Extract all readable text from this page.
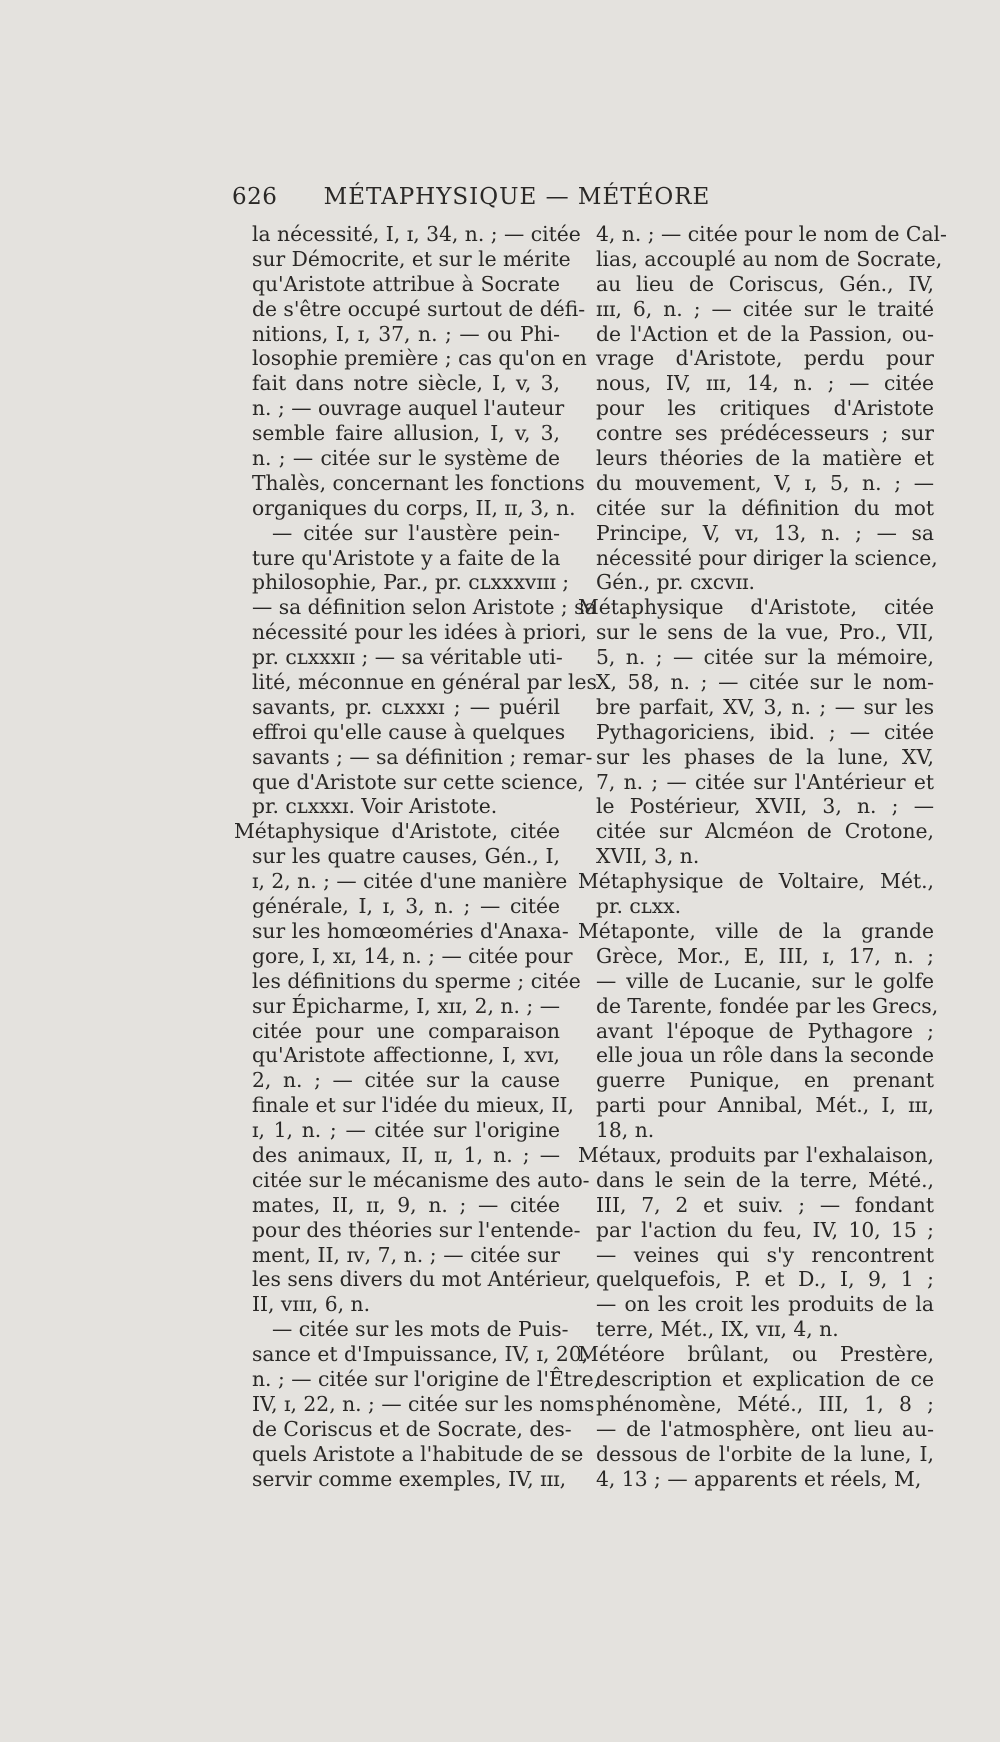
626	MÉTAPHYSIQUE — MÉTÉORE
la nécessité, I, ɪ, 34, n. ; — citée
sur Démocrite, et sur le mérite
qu'Aristote attribue à Socrate
de s'être occupé surtout de défi-
nitions, I, ɪ, 37, n. ; — ou Phi-
losophie première ; cas qu'on en
fait dans notre siècle, I, v, 3,
n. ; — ouvrage auquel l'auteur
semble faire allusion, I, v, 3,
n. ; — citée sur le système de
Thalès, concernant les fonctions
organiques du corps, II, ɪɪ, 3, n.
— citée sur l'austère pein-
ture qu'Aristote y a faite de la
philosophie, Par., pr. ᴄʟxxxᴠɪɪɪ ;
— sa définition selon Aristote ; sa
nécessité pour les idées à priori,
pr. ᴄʟxxxɪɪ ; — sa véritable uti-
lité, méconnue en général par les
savants, pr. ᴄʟxxxɪ ; — puéril
effroi qu'elle cause à quelques
savants ; — sa définition ; remar-
que d'Aristote sur cette science,
pr. ᴄʟxxxɪ. Voir Aristote.
Métaphysique d'Aristote, citée
sur les quatre causes, Gén., I,
ɪ, 2, n. ; — citée d'une manière
générale, I, ɪ, 3, n. ; — citée
sur les homœoméries d'Anaxa-
gore, I, xɪ, 14, n. ; — citée pour
les définitions du sperme ; citée
sur Épicharme, I, xɪɪ, 2, n. ; —
citée pour une comparaison
qu'Aristote affectionne, I, xᴠɪ,
2, n. ; — citée sur la cause
finale et sur l'idée du mieux, II,
ɪ, 1, n. ; — citée sur l'origine
des animaux, II, ɪɪ, 1, n. ; —
citée sur le mécanisme des auto-
mates, II, ɪɪ, 9, n. ; — citée
pour des théories sur l'entende-
ment, II, ɪᴠ, 7, n. ; — citée sur
les sens divers du mot Antérieur,
II, ᴠɪɪɪ, 6, n.
— citée sur les mots de Puis-
sance et d'Impuissance, IV, ɪ, 20,
n. ; — citée sur l'origine de l'Être,
IV, ɪ, 22, n. ; — citée sur les noms
de Coriscus et de Socrate, des-
quels Aristote a l'habitude de se
servir comme exemples, IV, ɪɪɪ,
4, n. ; — citée pour le nom de Cal-
lias, accouplé au nom de Socrate,
au lieu de Coriscus, Gén., IV,
ɪɪɪ, 6, n. ; — citée sur le traité
de l'Action et de la Passion, ou-
vrage d'Aristote, perdu pour
nous, IV, ɪɪɪ, 14, n. ; — citée
pour les critiques d'Aristote
contre ses prédécesseurs ; sur
leurs théories de la matière et
du mouvement, V, ɪ, 5, n. ; —
citée sur la définition du mot
Principe, V, ᴠɪ, 13, n. ; — sa
nécessité pour diriger la science,
Gén., pr. ᴄxᴄᴠɪɪ.
Métaphysique d'Aristote, citée
sur le sens de la vue, Pro., VII,
5, n. ; — citée sur la mémoire,
X, 58, n. ; — citée sur le nom-
bre parfait, XV, 3, n. ; — sur les
Pythagoriciens, ibid. ; — citée
sur les phases de la lune, XV,
7, n. ; — citée sur l'Antérieur et
le Postérieur, XVII, 3, n. ; —
citée sur Alcméon de Crotone,
XVII, 3, n.
Métaphysique de Voltaire, Mét.,
pr. ᴄʟxx.
Métaponte, ville de la grande
Grèce, Mor., E, III, ɪ, 17, n. ;
— ville de Lucanie, sur le golfe
de Tarente, fondée par les Grecs,
avant l'époque de Pythagore ;
elle joua un rôle dans la seconde
guerre Punique, en prenant
parti pour Annibal, Mét., I, ɪɪɪ,
18, n.
Métaux, produits par l'exhalaison,
dans le sein de la terre, Mété.,
III, 7, 2 et suiv. ; — fondant
par l'action du feu, IV, 10, 15 ;
— veines qui s'y rencontrent
quelquefois, P. et D., I, 9, 1 ;
— on les croit les produits de la
terre, Mét., IX, ᴠɪɪ, 4, n.
Météore brûlant, ou Prestère,
description et explication de ce
phénomène, Mété., III, 1, 8 ;
— de l'atmosphère, ont lieu au-
dessous de l'orbite de la lune, I,
4, 13 ; — apparents et réels, M,
